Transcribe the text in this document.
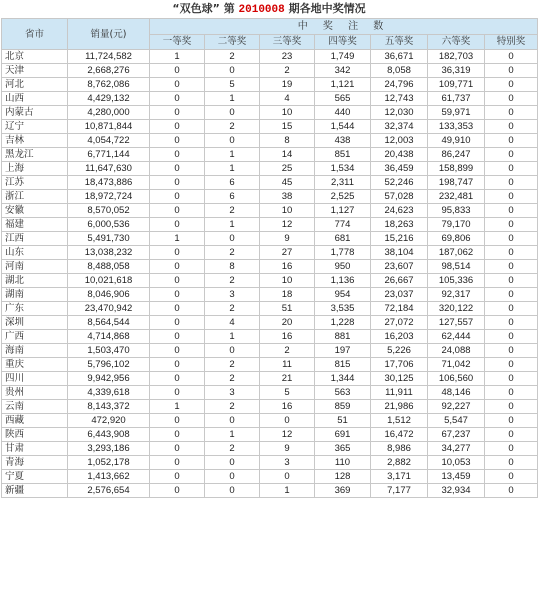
“双色球” 第 2010008 期各地中奖情况
省市	销量(元)	中 奖 注 数						
		一等奖	二等奖	三等奖	四等奖	五等奖	六等奖	特别奖
北京	11,724,582	1	2	23	1,749	36,671	182,703	0
天津	2,668,276	0	0	2	342	8,058	36,319	0
河北	8,762,086	0	5	19	1,121	24,796	109,771	0
山西	4,429,132	0	1	4	565	12,743	61,737	0
内蒙古	4,280,000	0	0	10	440	12,030	59,971	0
辽宁	10,871,844	0	2	15	1,544	32,374	133,353	0
吉林	4,054,722	0	0	8	438	12,003	49,910	0
黑龙江	6,771,144	0	1	14	851	20,438	86,247	0
上海	11,647,630	0	1	25	1,534	36,459	158,899	0
江苏	18,473,886	0	6	45	2,311	52,246	198,747	0
浙江	18,972,724	0	6	38	2,525	57,028	232,481	0
安徽	8,570,052	0	2	10	1,127	24,623	95,833	0
福建	6,000,536	0	1	12	774	18,263	79,170	0
江西	5,491,730	1	0	9	681	15,216	69,806	0
山东	13,038,232	0	2	27	1,778	38,104	187,062	0
河南	8,488,058	0	8	16	950	23,607	98,514	0
湖北	10,021,618	0	2	10	1,136	26,667	105,336	0
湖南	8,046,906	0	3	18	954	23,037	92,317	0
广东	23,470,942	0	2	51	3,535	72,184	320,122	0
深圳	8,564,544	0	4	20	1,228	27,072	127,557	0
广西	4,714,868	0	1	16	881	16,203	62,444	0
海南	1,503,470	0	0	2	197	5,226	24,088	0
重庆	5,796,102	0	2	11	815	17,706	71,042	0
四川	9,942,956	0	2	21	1,344	30,125	106,560	0
贵州	4,339,618	0	3	5	563	11,911	48,146	0
云南	8,143,372	1	2	16	859	21,986	92,227	0
西藏	472,920	0	0	0	51	1,512	5,547	0
陕西	6,443,908	0	1	12	691	16,472	67,237	0
甘肃	3,293,186	0	2	9	365	8,986	34,277	0
青海	1,052,178	0	0	3	110	2,882	10,053	0
宁夏	1,413,662	0	0	0	128	3,171	13,459	0
新疆	2,576,654	0	0	1	369	7,177	32,934	0
